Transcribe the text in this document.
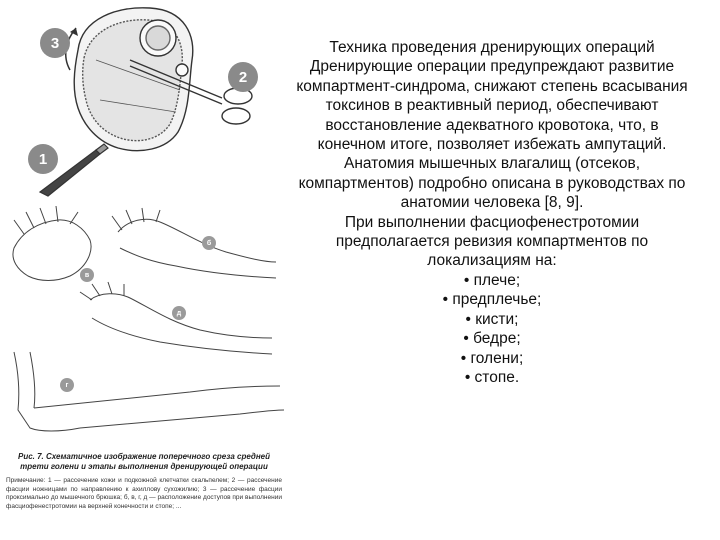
3
2
1
б
в
д
г
Рис. 7. Схематичное изображение поперечного среза средней трети голени и этапы выполнения дренирующей операции
Примечание: 1 — рассечение кожи и подкожной клетчатки скальпелем; 2 — рассечение фасции ножницами по направлению к ахиллову сухожилию; 3 — рассечение фасции проксимально до мышечного брюшка; б, в, г, д — расположение доступов при выполнении фасциофенестротомии на верхней конечности и стопе; ...

Техника проведения дренирующих операций

Дренирующие операции предупреждают развитие компартмент-синдрома, снижают степень всасывания токсинов в реактивный период, обеспечивают восстановление адекватного кровотока, что, в конечном итоге, позволяет избежать ампутаций.

Анатомия мышечных влагалищ (отсеков, компартментов) подробно описана в руководствах по анатомии человека [8, 9].

При выполнении фасциофенестротомии предполагается ревизия компартментов по локализациям на:

• плече;
• предплечье;
• кисти;
• бедре;
• голени;
• стопе.
